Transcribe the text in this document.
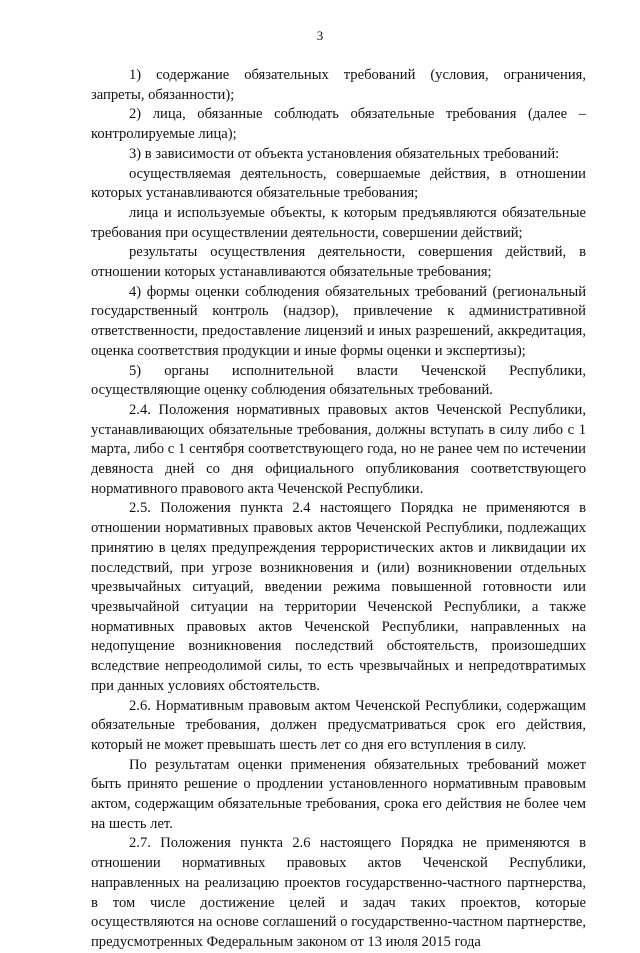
3

1) содержание обязательных требований (условия, ограничения, запреты, обязанности);

2) лица, обязанные соблюдать обязательные требования (далее – контролируемые лица);

3) в зависимости от объекта установления обязательных требований:

осуществляемая деятельность, совершаемые действия, в отношении которых устанавливаются обязательные требования;

лица и используемые объекты, к которым предъявляются обязательные требования при осуществлении деятельности, совершении действий;

результаты осуществления деятельности, совершения действий, в отношении которых устанавливаются обязательные требования;

4) формы оценки соблюдения обязательных требований (региональный государственный контроль (надзор), привлечение к административной ответственности, предоставление лицензий и иных разрешений, аккредитация, оценка соответствия продукции и иные формы оценки и экспертизы);

5) органы исполнительной власти Чеченской Республики, осуществляющие оценку соблюдения обязательных требований.

2.4. Положения нормативных правовых актов Чеченской Республики, устанавливающих обязательные требования, должны вступать в силу либо с 1 марта, либо с 1 сентября соответствующего года, но не ранее чем по истечении девяноста дней со дня официального опубликования соответствующего нормативного правового акта Чеченской Республики.

2.5. Положения пункта 2.4 настоящего Порядка не применяются в отношении нормативных правовых актов Чеченской Республики, подлежащих принятию в целях предупреждения террористических актов и ликвидации их последствий, при угрозе возникновения и (или) возникновении отдельных чрезвычайных ситуаций, введении режима повышенной готовности или чрезвычайной ситуации на территории Чеченской Республики, а также нормативных правовых актов Чеченской Республики, направленных на недопущение возникновения последствий обстоятельств, произошедших вследствие непреодолимой силы, то есть чрезвычайных и непредотвратимых при данных условиях обстоятельств.

2.6. Нормативным правовым актом Чеченской Республики, содержащим обязательные требования, должен предусматриваться срок его действия, который не может превышать шесть лет со дня его вступления в силу.

По результатам оценки применения обязательных требований может быть принято решение о продлении установленного нормативным правовым актом, содержащим обязательные требования, срока его действия не более чем на шесть лет.

2.7. Положения пункта 2.6 настоящего Порядка не применяются в отношении нормативных правовых актов Чеченской Республики, направленных на реализацию проектов государственно-частного партнерства, в том числе достижение целей и задач таких проектов, которые осуществляются на основе соглашений о государственно-частном партнерстве, предусмотренных Федеральным законом от 13 июля 2015 года
